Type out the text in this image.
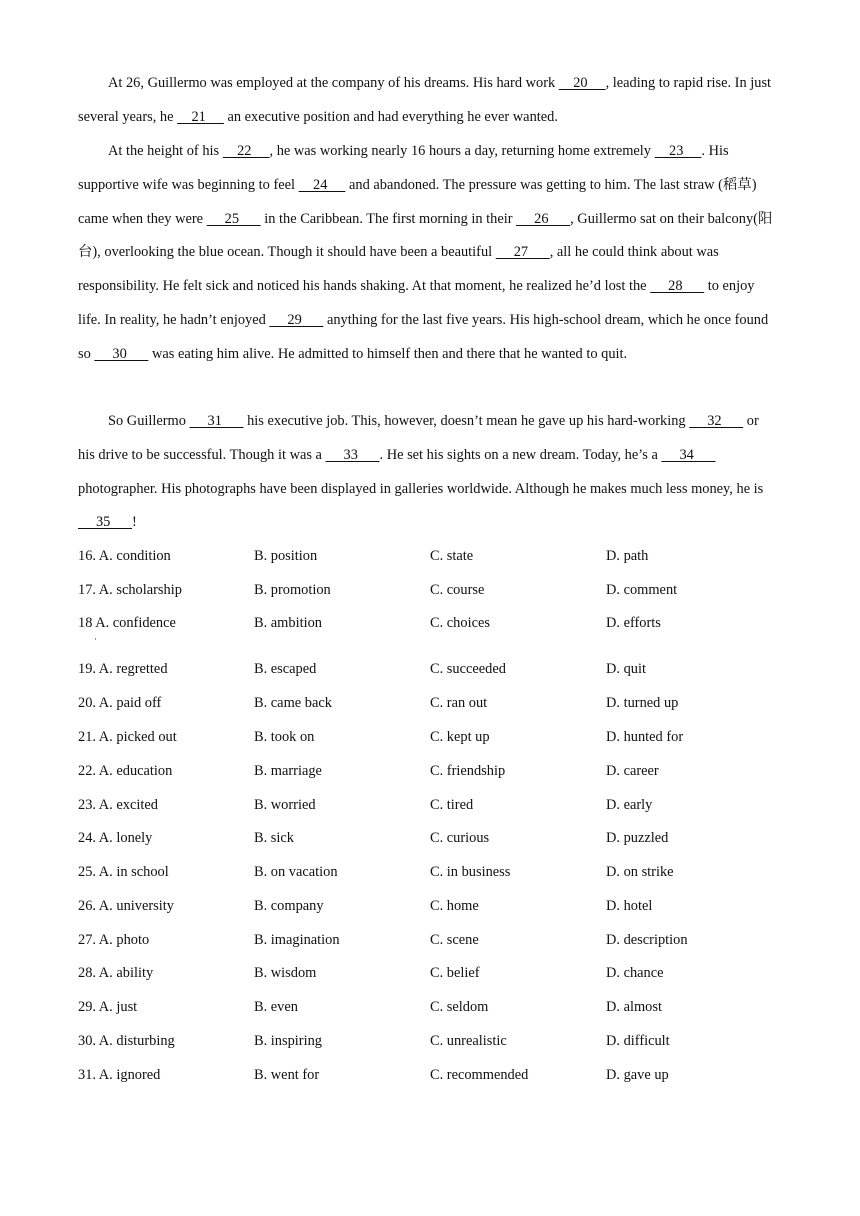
At 26, Guillermo was employed at the company of his dreams. His hard work     20     , leading to rapid rise. In just several years, he     21      an executive position and had everything he ever wanted.

At the height of his     22     , he was working nearly 16 hours a day, returning home extremely     23     . His supportive wife was beginning to feel     24      and abandoned. The pressure was getting to him. The last straw (稻草) came when they were      25       in the Caribbean. The first morning in their      26      , Guillermo sat on their balcony(阳台), overlooking the blue ocean. Though it should have been a beautiful      27      , all he could think about was responsibility. He felt sick and noticed his hands shaking. At that moment, he realized he’d lost the      28       to enjoy life. In reality, he hadn’t enjoyed      29       anything for the last five years. His high-school dream, which he once found so      30       was eating him alive. He admitted to himself then and there that he wanted to quit.

So Guillermo      31       his executive job. This, however, doesn’t mean he gave up his hard-working      32       or his drive to be successful. Though it was a      33      . He set his sights on a new dream. Today, he’s a      34       photographer. His photographs have been displayed in galleries worldwide. Although he makes much less money, he is      35      !

16. A. condition	B. position	C. state	D. path
17. A. scholarship	B. promotion	C. course	D. comment
18 A. confidence	B. ambition	C. choices	D. efforts
19. A. regretted	B. escaped	C. succeeded	D. quit
20. A. paid off	B. came back	C. ran out	D. turned up
21. A. picked out	B. took on	C. kept up	D. hunted for
22. A. education	B. marriage	C. friendship	D. career
23. A. excited	B. worried	C. tired	D. early
24. A. lonely	B. sick	C. curious	D. puzzled
25. A. in school	B. on vacation	C. in business	D. on strike
26. A. university	B. company	C. home	D. hotel
27. A. photo	B. imagination	C. scene	D. description
28. A. ability	B. wisdom	C. belief	D. chance
29. A. just	B. even	C. seldom	D. almost
30. A. disturbing	B. inspiring	C. unrealistic	D. difficult
31. A. ignored	B. went for	C. recommended	D. gave up
·
